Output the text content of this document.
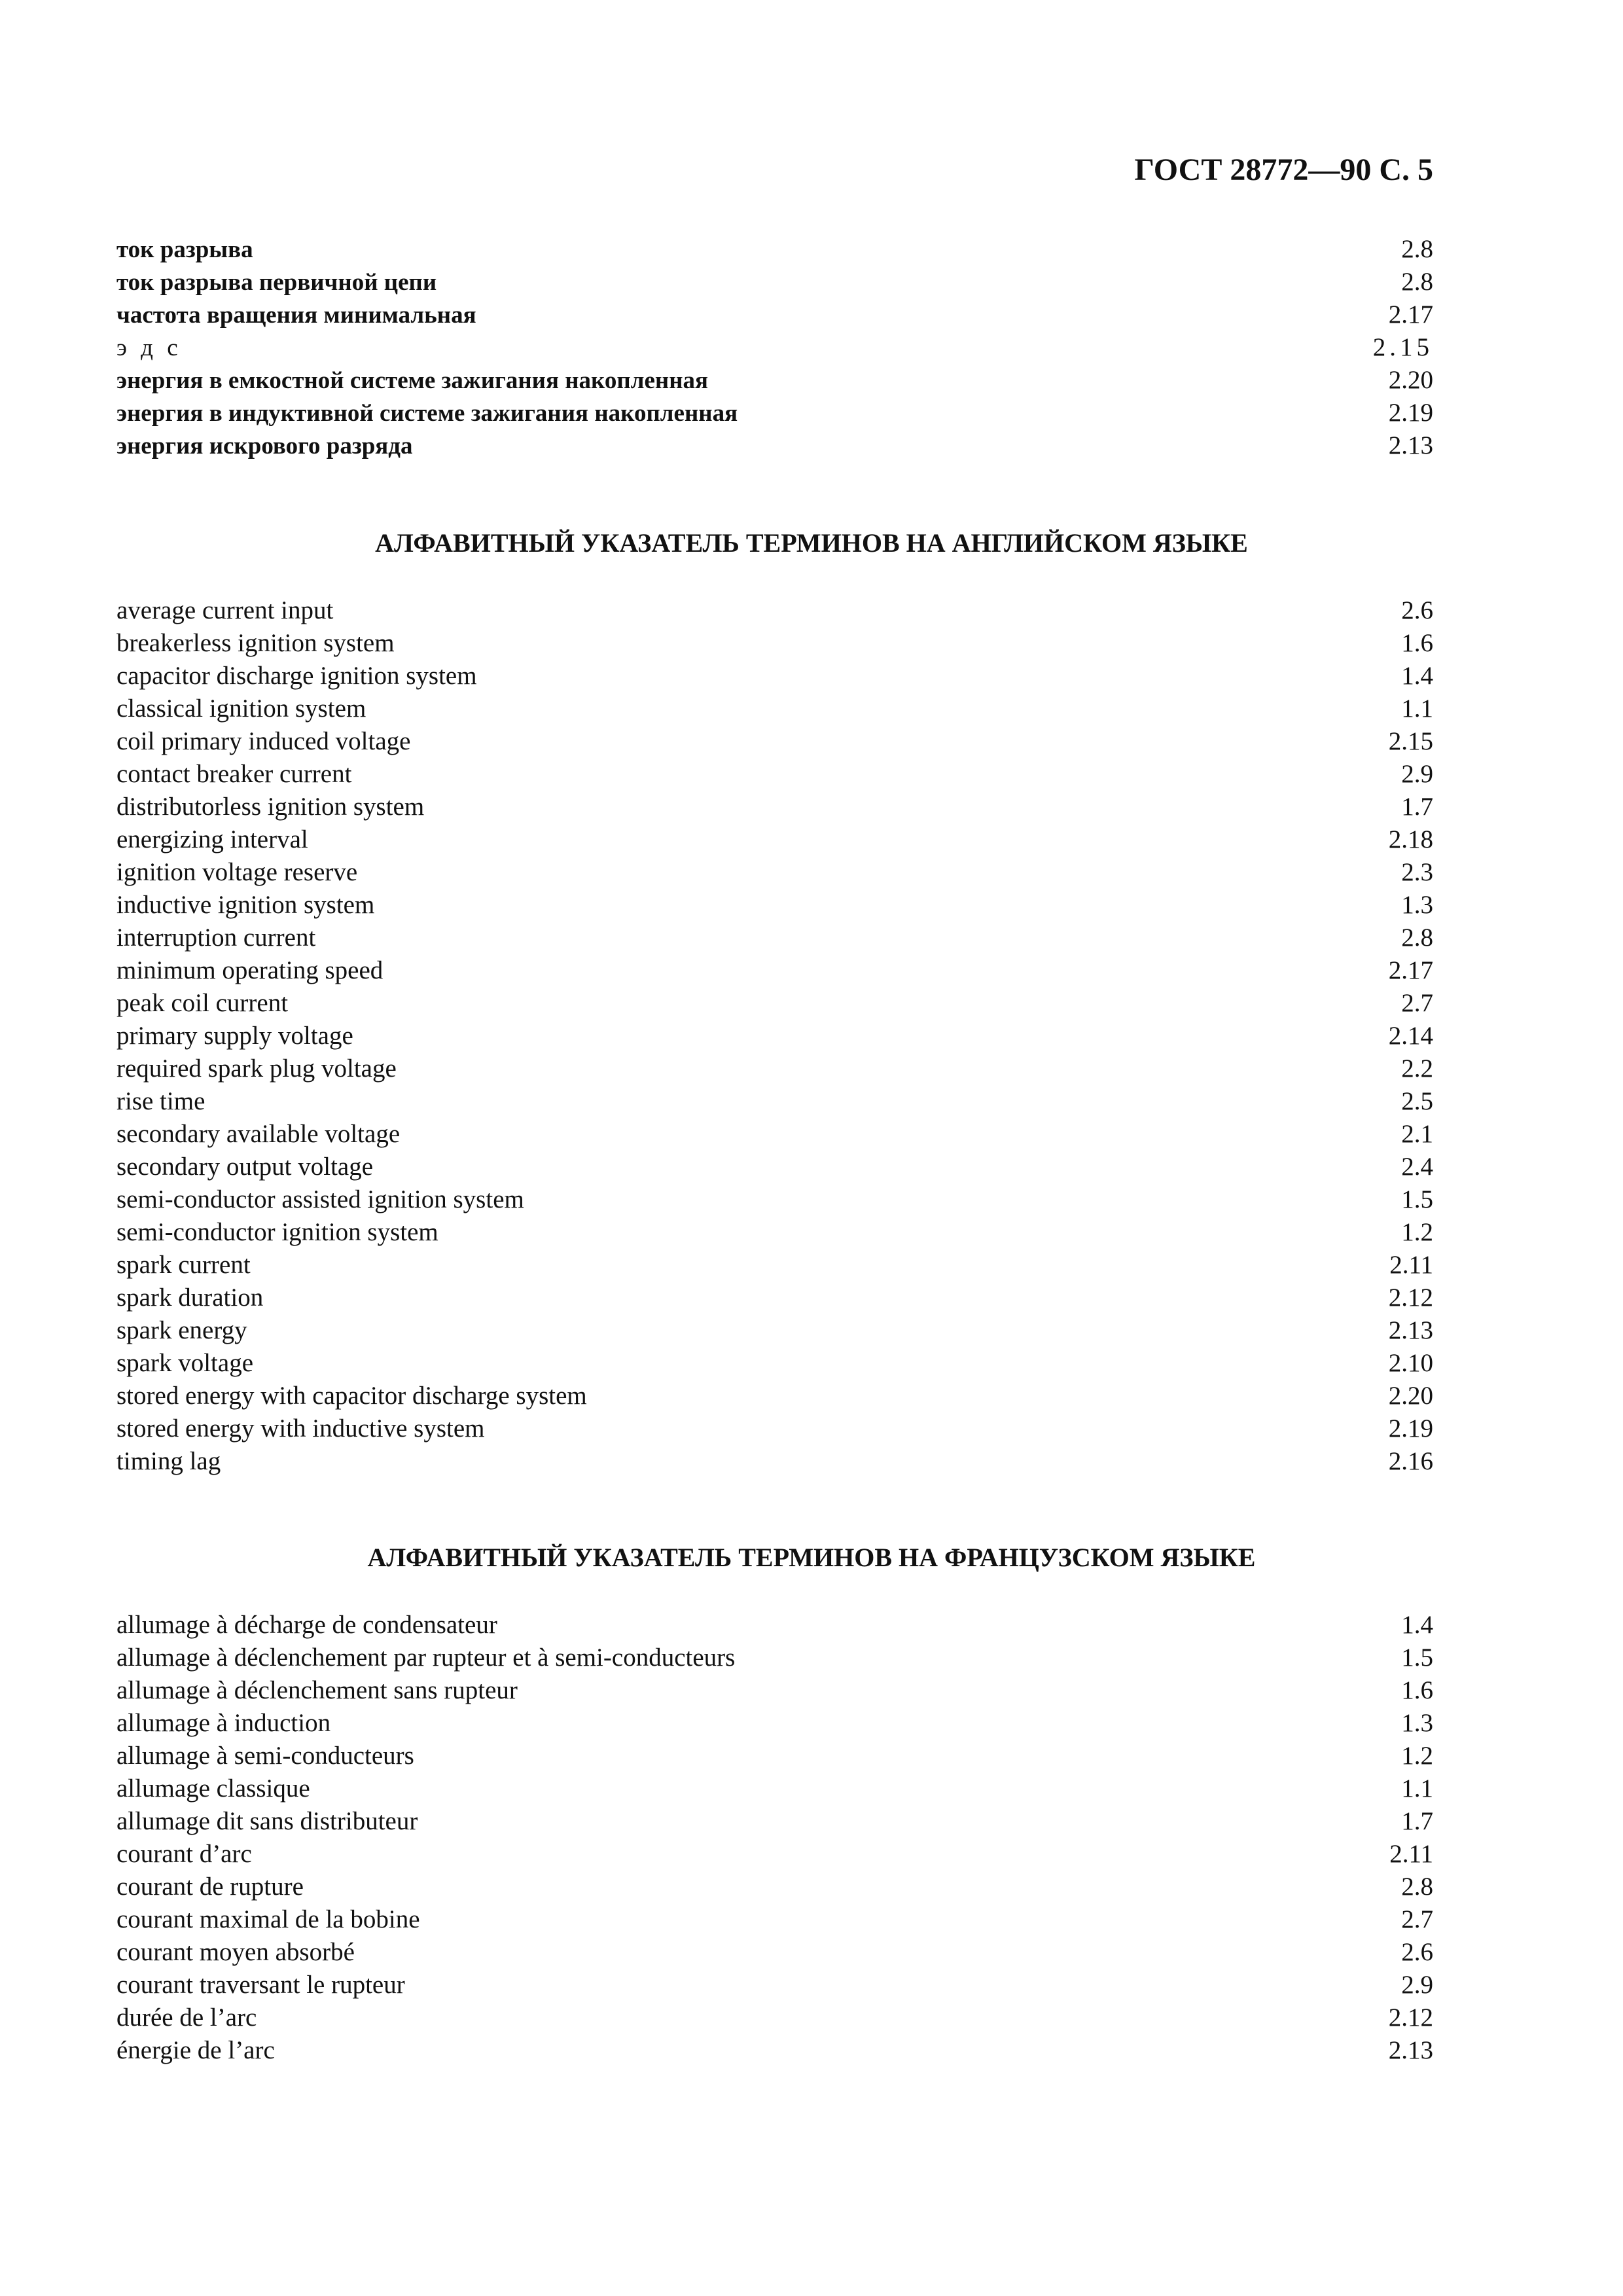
ГОСТ 28772—90 С. 5
ток разрыва	2.8
ток разрыва первичной цепи	2.8
частота вращения минимальная	2.17
э д с	2.15
энергия в емкостной системе зажигания накопленная	2.20
энергия в индуктивной системе зажигания накопленная	2.19
энергия искрового разряда	2.13
АЛФАВИТНЫЙ УКАЗАТЕЛЬ ТЕРМИНОВ НА АНГЛИЙСКОМ ЯЗЫКЕ
average current input	2.6
breakerless ignition system	1.6
capacitor discharge ignition system	1.4
classical ignition system	1.1
coil primary induced voltage	2.15
contact breaker current	2.9
distributorless ignition system	1.7
energizing interval	2.18
ignition voltage reserve	2.3
inductive ignition system	1.3
interruption current	2.8
minimum operating speed	2.17
peak coil current	2.7
primary supply voltage	2.14
required spark plug voltage	2.2
rise time	2.5
secondary available voltage	2.1
secondary output voltage	2.4
semi-conductor assisted ignition system	1.5
semi-conductor ignition system	1.2
spark current	2.11
spark duration	2.12
spark energy	2.13
spark voltage	2.10
stored energy with capacitor discharge system	2.20
stored energy with inductive system	2.19
timing lag	2.16
АЛФАВИТНЫЙ УКАЗАТЕЛЬ ТЕРМИНОВ НА ФРАНЦУЗСКОМ ЯЗЫКЕ
allumage à décharge de condensateur	1.4
allumage à déclenchement par rupteur et à semi-conducteurs	1.5
allumage à déclenchement sans rupteur	1.6
allumage à induction	1.3
allumage à semi-conducteurs	1.2
allumage classique	1.1
allumage dit sans distributeur	1.7
courant d’arc	2.11
courant de rupture	2.8
courant maximal de la bobine	2.7
courant moyen absorbé	2.6
courant traversant le rupteur	2.9
durée de l’arc	2.12
énergie de l’arc	2.13
